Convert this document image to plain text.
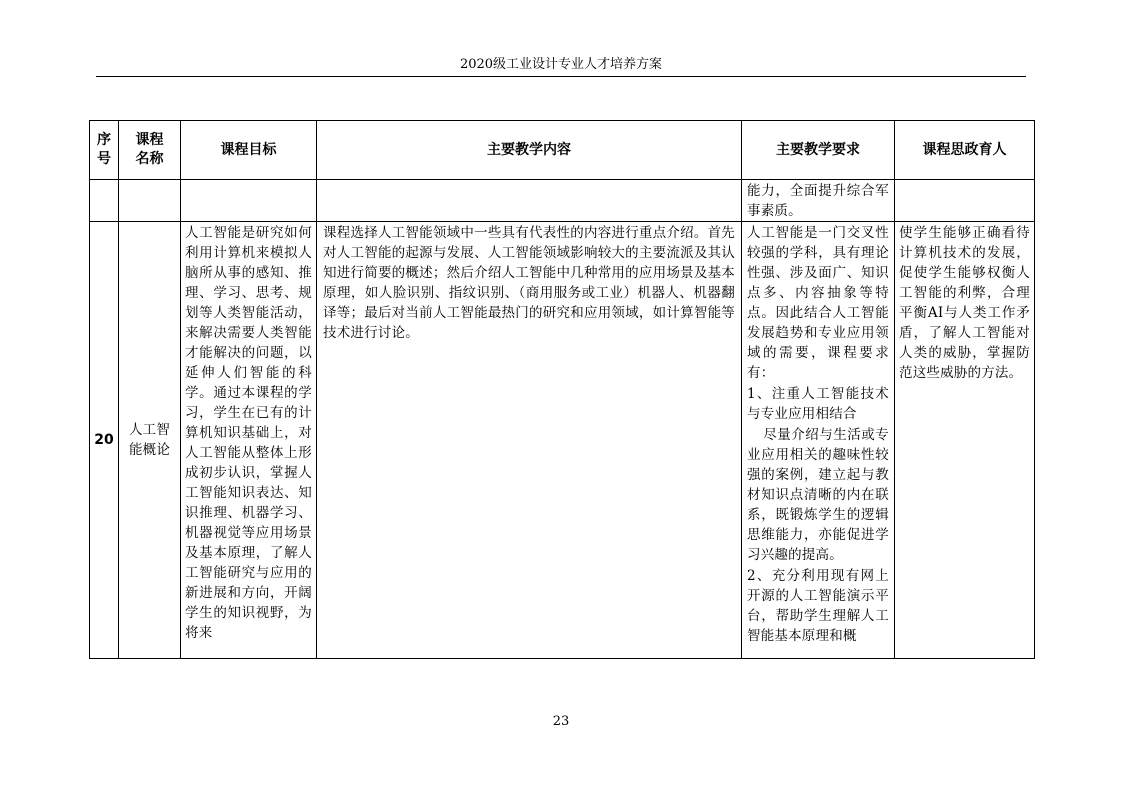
2020级工业设计专业人才培养方案
序号	课程名称	课程目标	主要教学内容	主要教学要求	课程思政育人

				能力，全面提升综合军事素质。	

20	人工智能概论	人工智能是研究如何利用计算机来模拟人脑所从事的感知、推理、学习、思考、规划等人类智能活动，来解决需要人类智能才能解决的问题，以延伸人们智能的科学。通过本课程的学习，学生在已有的计算机知识基础上，对人工智能从整体上形成初步认识，掌握人工智能知识表达、知识推理、机器学习、机器视觉等应用场景及基本原理，了解人工智能研究与应用的新进展和方向，开阔学生的知识视野，为将来	课程选择人工智能领域中一些具有代表性的内容进行重点介绍。首先对人工智能的起源与发展、人工智能领域影响较大的主要流派及其认知进行简要的概述；然后介绍人工智能中几种常用的应用场景及基本原理，如人脸识别、指纹识别、（商用服务或工业）机器人、机器翻译等；最后对当前人工智能最热门的研究和应用领域，如计算智能等技术进行讨论。	人工智能是一门交叉性较强的学科，具有理论性强、涉及面广、知识点多、内容抽象等特点。因此结合人工智能发展趋势和专业应用领域的需要，课程要求有：
1、注重人工智能技术与专业应用相结合
尽量介绍与生活或专业应用相关的趣味性较强的案例，建立起与教材知识点清晰的内在联系，既锻炼学生的逻辑思维能力，亦能促进学习兴趣的提高。
2、充分利用现有网上开源的人工智能演示平台，帮助学生理解人工智能基本原理和概	使学生能够正确看待计算机技术的发展，促使学生能够权衡人工智能的利弊，合理平衡AI与人类工作矛盾，了解人工智能对人类的威胁，掌握防范这些威胁的方法。
23
